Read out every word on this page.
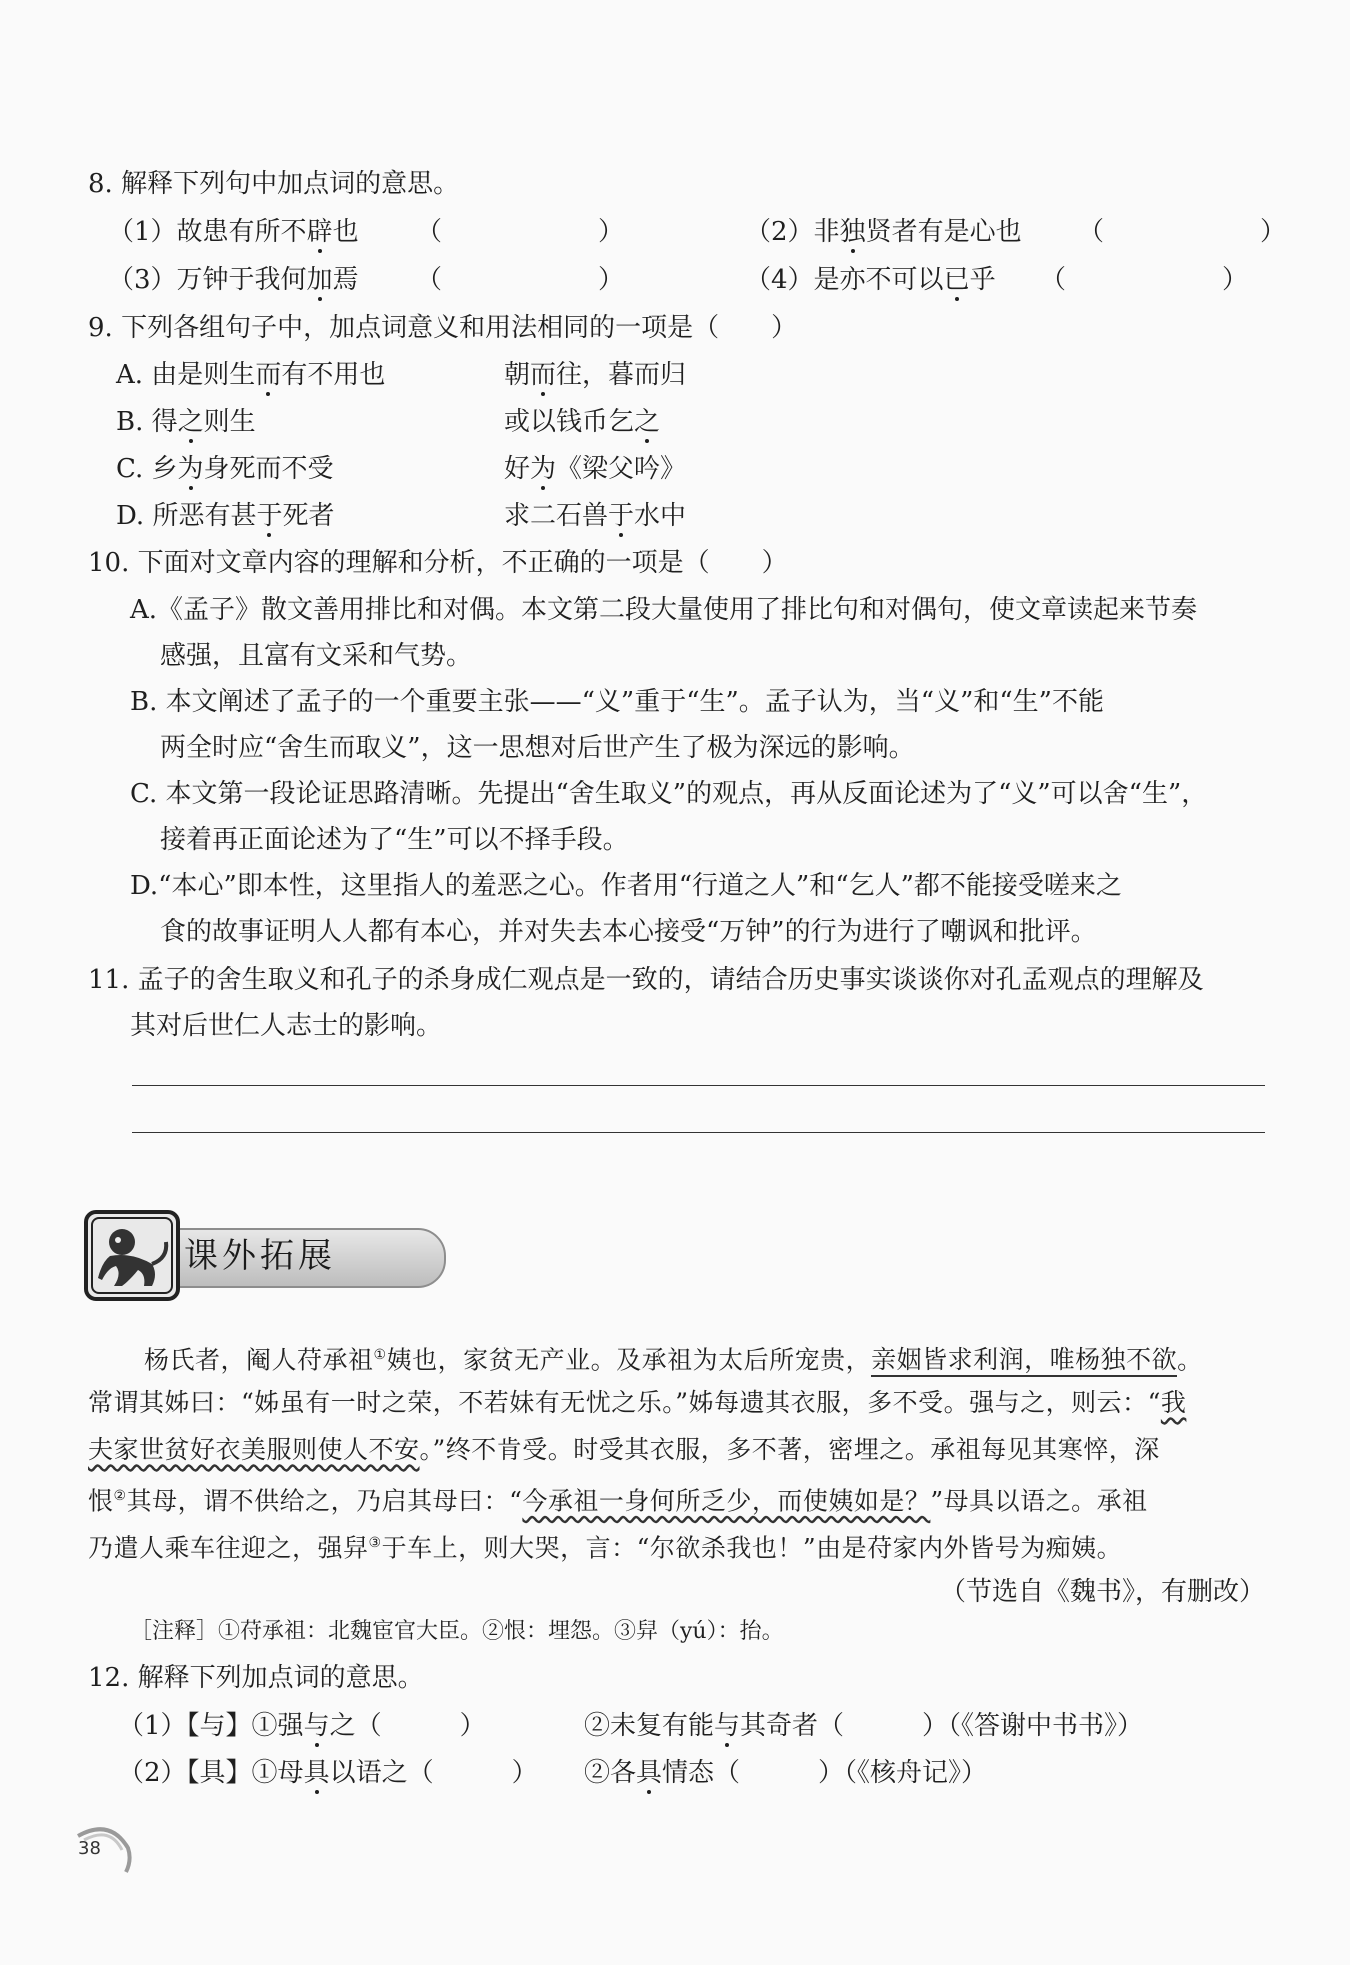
8. 解释下列句中加点词的意思。
（1）故患有所不辟也 （　　　　　　）	（2）非独贤者有是心也 （　　　　　　）
（3）万钟于我何加焉 （　　　　　　）	（4）是亦不可以已乎 （　　　　　　）
9. 下列各组句子中，加点词意义和用法相同的一项是（　　）
A. 由是则生而有不用也	朝而往，暮而归
B. 得之则生	或以钱币乞之
C. 乡为身死而不受	好为《梁父吟》
D. 所恶有甚于死者	求二石兽于水中
10. 下面对文章内容的理解和分析，不正确的一项是（　　）
A.《孟子》散文善用排比和对偶。本文第二段大量使用了排比句和对偶句，使文章读起来节奏
感强，且富有文采和气势。
B. 本文阐述了孟子的一个重要主张——“义”重于“生”。孟子认为，当“义”和“生”不能
两全时应“舍生而取义”，这一思想对后世产生了极为深远的影响。
C. 本文第一段论证思路清晰。先提出“舍生取义”的观点，再从反面论述为了“义”可以舍“生”，
接着再正面论述为了“生”可以不择手段。
D.“本心”即本性，这里指人的羞恶之心。作者用“行道之人”和“乞人”都不能接受嗟来之
食的故事证明人人都有本心，并对失去本心接受“万钟”的行为进行了嘲讽和批评。
11. 孟子的舍生取义和孔子的杀身成仁观点是一致的，请结合历史事实谈谈你对孔孟观点的理解及
其对后世仁人志士的影响。
课外拓展
杨氏者，阉人苻承祖①姨也，家贫无产业。及承祖为太后所宠贵，亲姻皆求利润，唯杨独不欲。
常谓其姊曰：“姊虽有一时之荣，不若妹有无忧之乐。”姊每遗其衣服，多不受。强与之，则云：“我
夫家世贫好衣美服则使人不安。”终不肯受。时受其衣服，多不著，密埋之。承祖每见其寒悴，深
恨②其母，谓不供给之，乃启其母曰：“今承祖一身何所乏少，而使姨如是？”母具以语之。承祖
乃遣人乘车往迎之，强舁③于车上，则大哭，言：“尔欲杀我也！”由是苻家内外皆号为痴姨。
（节选自《魏书》，有删改）
［注释］①苻承祖：北魏宦官大臣。②恨：埋怨。③舁（yú）：抬。
12. 解释下列加点词的意思。
（1）【与】①强与之（　　　）	②未复有能与其奇者（　　　）（《答谢中书书》）
（2）【具】①母具以语之（　　　） ②各具情态（　　　）（《核舟记》）
38
